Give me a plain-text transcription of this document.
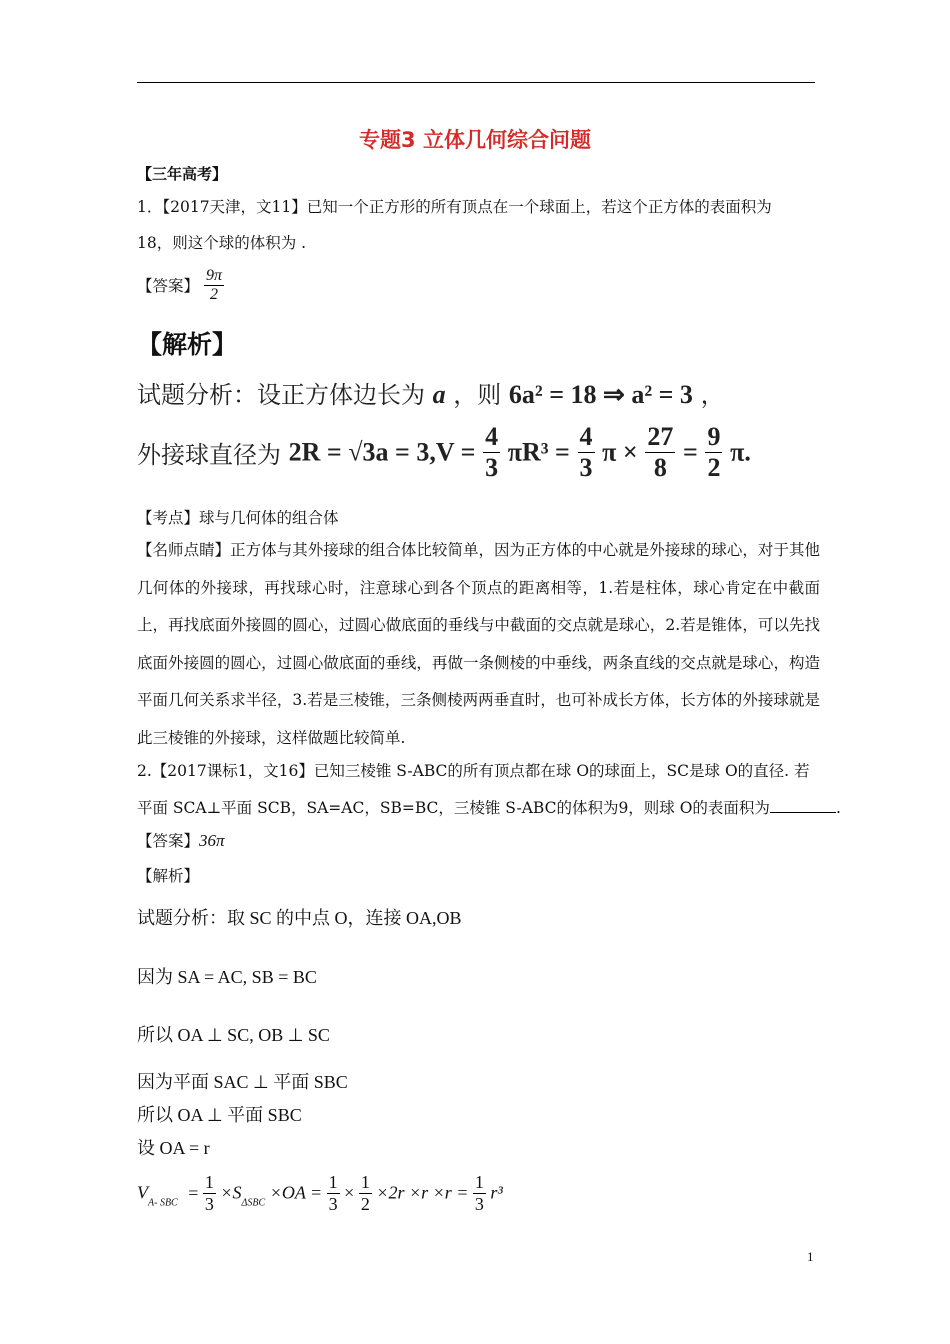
专题3 立体几何综合问题
【三年高考】
1．【2017天津，文11】已知一个正方形的所有顶点在一个球面上，若这个正方体的表面积为
18，则这个球的体积为 .
【答案】 $\frac{9\pi}{2}$
【解析】
试题分析：设正方体边长为 a ，则 6a² = 18 ⇒ a² = 3 ，
外接球直径为 $2R = √3a = 3,V = \frac{4}{3} \pi R^3 = \frac{4}{3}$ $\pi \times \frac{27}{8} = \frac{9}{2} \pi$.
【考点】球与几何体的组合体
【名师点睛】正方体与其外接球的组合体比较简单，因为正方体的中心就是外接球的球心，对于其他几何体的外接球，再找球心时，注意球心到各个顶点的距离相等，1.若是柱体，球心肯定在中截面上，再找底面外接圆的圆心，过圆心做底面的垂线与中截面的交点就是球心，2.若是锥体，可以先找底面外接圆的圆心，过圆心做底面的垂线，再做一条侧棱的中垂线，两条直线的交点就是球心，构造平面几何关系求半径，3.若是三棱锥，三条侧棱两两垂直时，也可补成长方体，长方体的外接球就是此三棱锥的外接球，这样做题比较简单.
2.【2017课标1，文16】已知三棱锥 S-ABC的所有顶点都在球 O的球面上，SC是球 O的直径. 若
平面 SCA⊥平面 SCB，SA=AC，SB=BC，三棱锥 S-ABC的体积为9，则球 O的表面积为	.
【答案】36π
【解析】
试题分析：取 SC 的中点 O，连接 OA,OB
因为 SA = AC, SB = BC
所以 OA ⊥ SC, OB ⊥ SC
因为平面 SAC ⊥ 平面 SBC
所以 OA ⊥ 平面 SBC
设 OA = r
$V_{A- SBC} = \frac{1}{3} \times S_{\Delta SBC} \times OA = \frac{1}{3} \times \frac{1}{2} \times 2r \times r \times r = \frac{1}{3} r^3$
1
